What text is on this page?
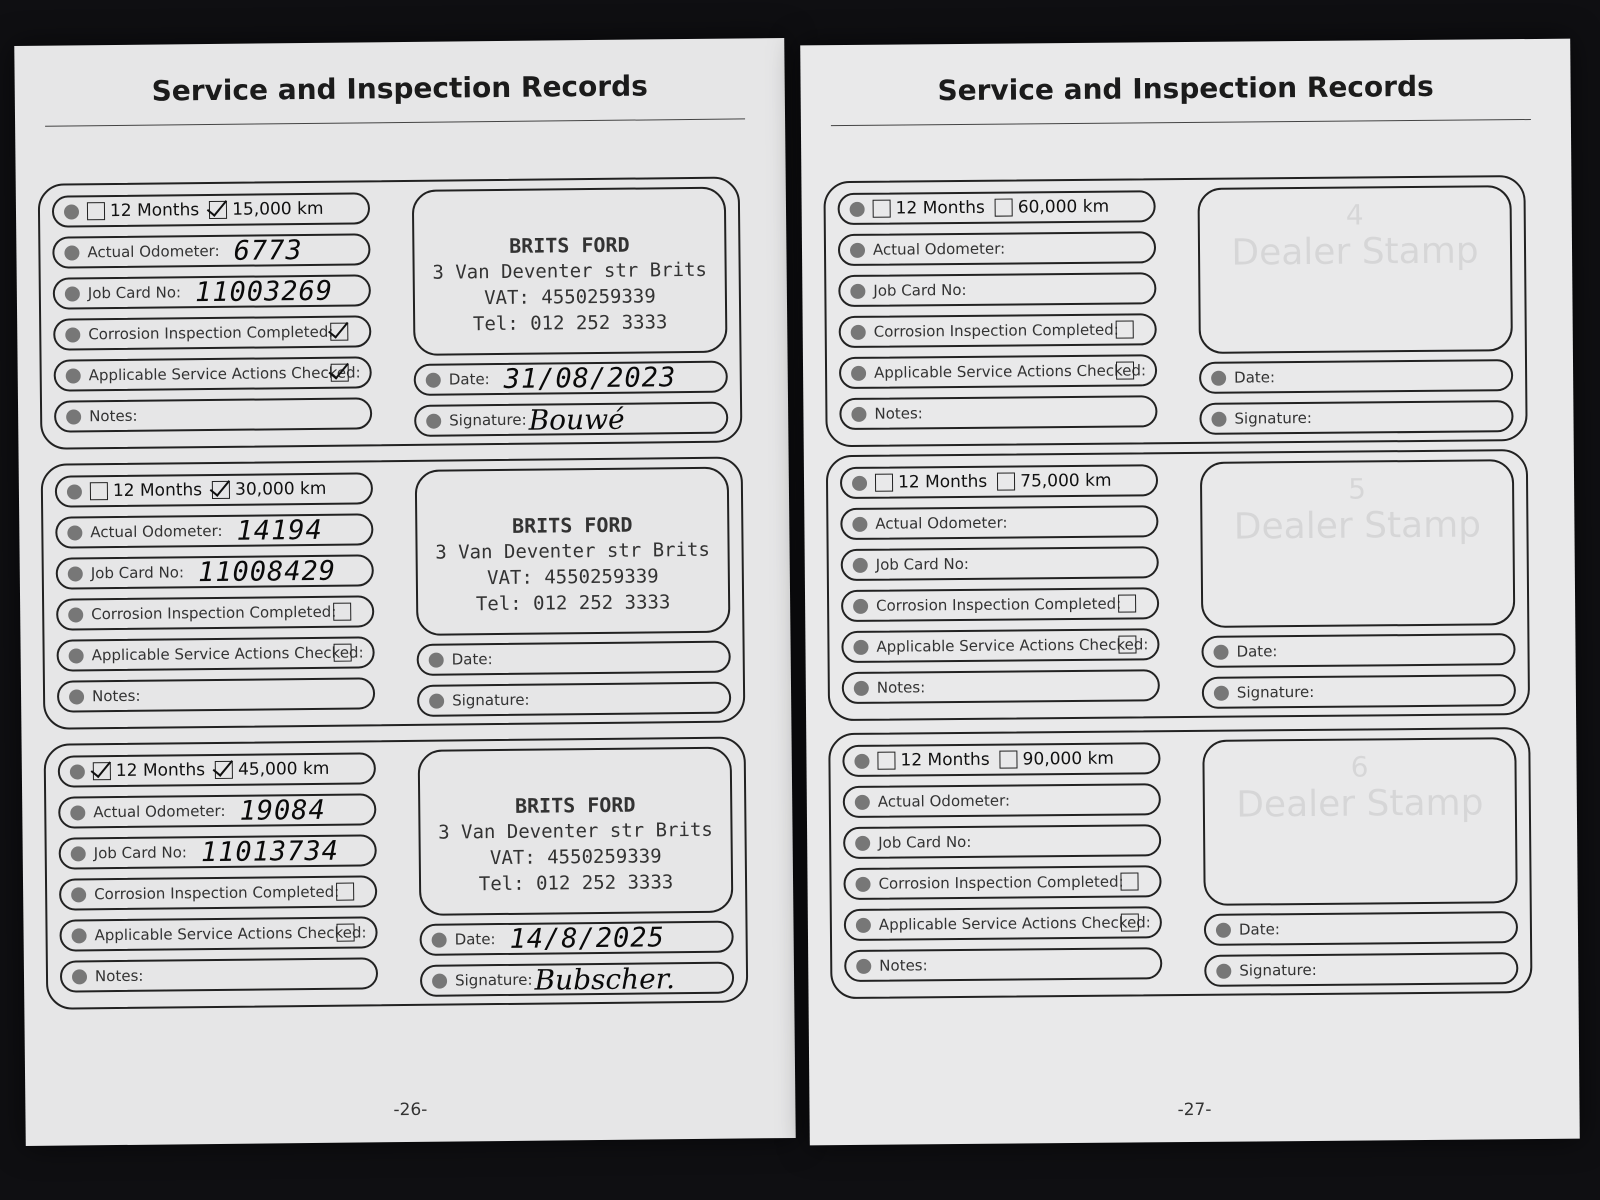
Service and Inspection Records
12 Months 15,000 km
Actual Odometer: 6773
Job Card No: 11003269
Corrosion Inspection Completed:
Applicable Service Actions Checked:
Notes:
BRITS FORD
3 Van Deventer str Brits
VAT: 4550259339
Tel: 012 252 3333
Date: 31/08/2023
Signature: Bouwé
12 Months 30,000 km
Actual Odometer: 14194
Job Card No: 11008429
Corrosion Inspection Completed:
Applicable Service Actions Checked:
Notes:
BRITS FORD
3 Van Deventer str Brits
VAT: 4550259339
Tel: 012 252 3333
Date:
Signature:
12 Months 45,000 km
Actual Odometer: 19084
Job Card No: 11013734
Corrosion Inspection Completed:
Applicable Service Actions Checked:
Notes:
BRITS FORD
3 Van Deventer str Brits
VAT: 4550259339
Tel: 012 252 3333
Date: 14/8/2025
Signature: Bubscher.
-26-
Service and Inspection Records
12 Months 60,000 km
Actual Odometer:
Job Card No:
Corrosion Inspection Completed:
Applicable Service Actions Checked:
Notes:
4
Dealer Stamp
Date:
Signature:
12 Months 75,000 km
Actual Odometer:
Job Card No:
Corrosion Inspection Completed:
Applicable Service Actions Checked:
Notes:
5
Dealer Stamp
Date:
Signature:
12 Months 90,000 km
Actual Odometer:
Job Card No:
Corrosion Inspection Completed:
Applicable Service Actions Checked:
Notes:
6
Dealer Stamp
Date:
Signature:
-27-
